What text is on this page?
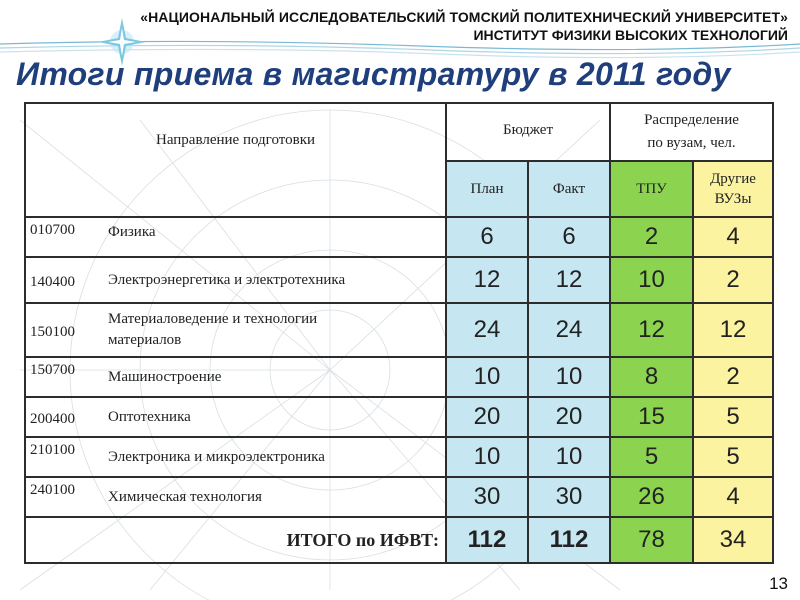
«НАЦИОНАЛЬНЫЙ ИССЛЕДОВАТЕЛЬСКИЙ ТОМСКИЙ ПОЛИТЕХНИЧЕСКИЙ УНИВЕРСИТЕТ»
ИНСТИТУТ ФИЗИКИ ВЫСОКИХ ТЕХНОЛОГИЙ
Итоги приема в магистратуру в 2011 году
Направление подготовки		Бюджет		Распределение
по вузам, чел.	

		План	Факт	ТПУ	Другие
ВУЗы

010700	Физика	6	6	2	4
140400	Электроэнергетика и электротехника	12	12	10	2
150100	Материаловедение и технологии
материалов	24	24	12	12
150700	Машиностроение	10	10	8	2
200400	Оптотехника	20	20	15	5
210100	Электроника и микроэлектроника	10	10	5	5
240100	Химическая технология	30	30	26	4
ИТОГО по ИФВТ:		112	112	78	34
13
